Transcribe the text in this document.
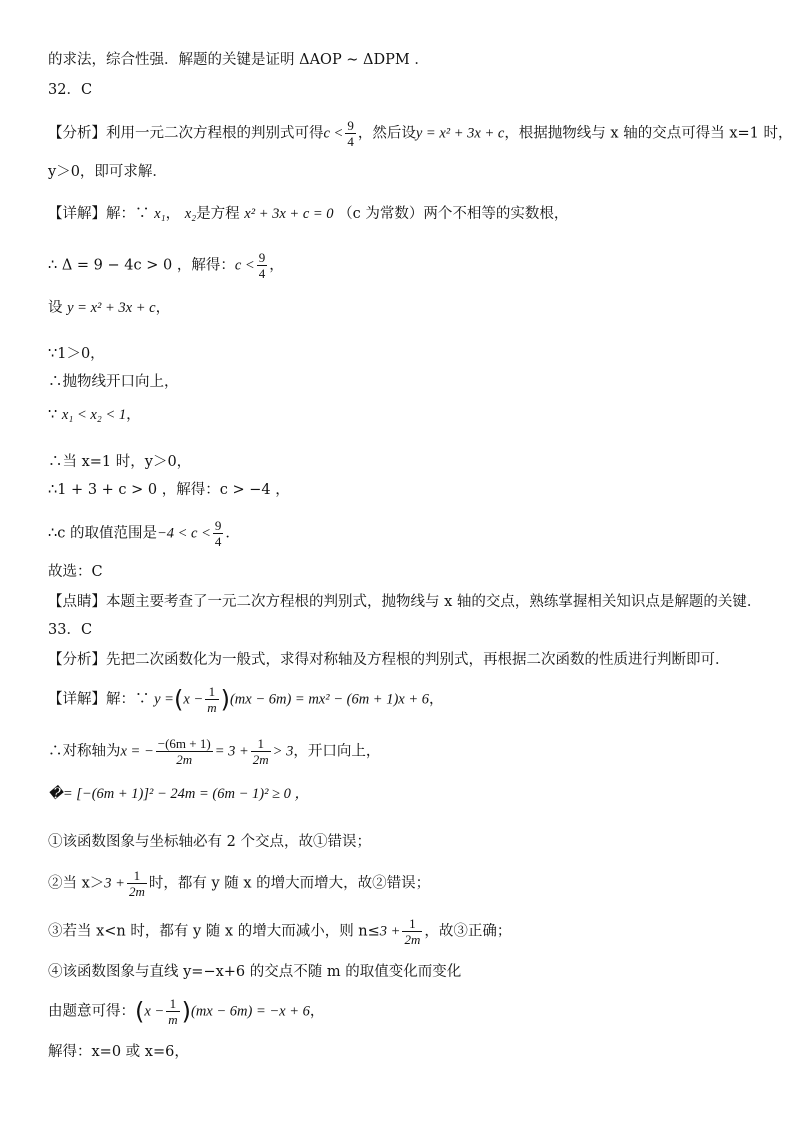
的求法，综合性强．解题的关键是证明 ΔAOP ∼ ΔDPM ．
32．C
【分析】利用一元二次方程根的判别式可得$c < \frac{9}{4}$ ，然后设y = x² + 3x + c，根据抛物线与 x 轴的交点可得当 x=1 时，
y＞0，即可求解．
【详解】解：∵ x₁， x₂是方程 x² + 3x + c = 0 （c 为常数）两个不相等的实数根，
∴ Δ = 9 − 4c > 0 ，解得：$c < \frac{9}{4}$ ，
设 y = x² + 3x + c，
∵1＞0，
∴抛物线开口向上，
∵ x₁ < x₂ < 1，
∴当 x=1 时，y＞0，
∴1 + 3 + c > 0 ，解得：c > −4 ，
∴c 的取值范围是$-4 < c < \frac{9}{4}$ ．
故选：C
【点睛】本题主要考查了一元二次方程根的判别式，抛物线与 x 轴的交点，熟练掌握相关知识点是解题的关键．
33．C
【分析】先把二次函数化为一般式，求得对称轴及方程根的判别式，再根据二次函数的性质进行判断即可．
【详解】解：∵ $y =(x - \frac{1}{m} )(mx - 6m) = mx^2 - (6m + 1)x + 6$，
∴对称轴为x = − $\frac{-(6m + 1)}{2m} = 3 + \frac{1}{2m} > 3$，开口向上，
�= [−(6m + 1)]² − 24m = (6m − 1)² ≥ 0 ，
①该函数图象与坐标轴必有 2 个交点，故①错误；
②当 $x>3 + \frac{1}{2m}$ 时，都有 y 随 x 的增大而增大，故②错误；
③若当 x<n 时，都有 y 随 x 的增大而减小，则 $n\le 3 + \frac{1}{2m}$ ，故③正确；
④该函数图象与直线 y=−x+6 的交点不随 m 的取值变化而变化
由题意可得：$(x - \frac{1}{m} )(mx - 6m) = -x + 6$，
解得：x=0 或 x=6，
